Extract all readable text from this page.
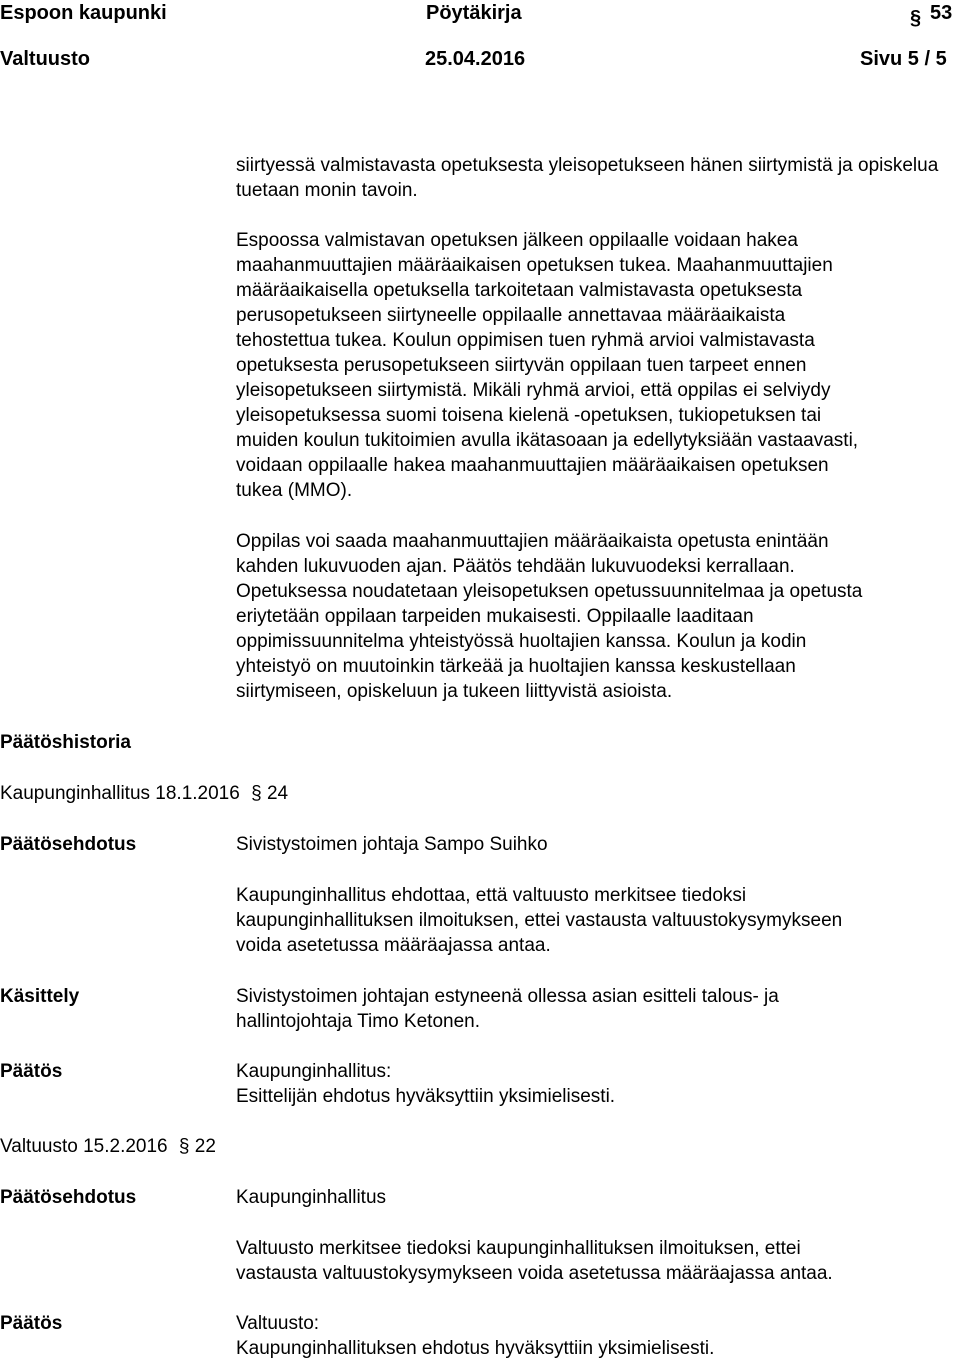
Espoon kaupunki	Pöytäkirja	53
§
Valtuusto	25.04.2016	Sivu 5 / 5

siirtyessä valmistavasta opetuksesta yleisopetukseen hänen siirtymistä ja opiskelua tuetaan monin tavoin.

Espoossa valmistavan opetuksen jälkeen oppilaalle voidaan hakea
maahanmuuttajien määräaikaisen opetuksen tukea. Maahanmuuttajien
määräaikaisella opetuksella tarkoitetaan valmistavasta opetuksesta
perusopetukseen siirtyneelle oppilaalle annettavaa määräaikaista
tehostettua tukea. Koulun oppimisen tuen ryhmä arvioi valmistavasta
opetuksesta perusopetukseen siirtyvän oppilaan tuen tarpeet ennen
yleisopetukseen siirtymistä. Mikäli ryhmä arvioi, että oppilas ei selviydy
yleisopetuksessa suomi toisena kielenä -opetuksen, tukiopetuksen tai
muiden koulun tukitoimien avulla ikätasoaan ja edellytyksiään vastaavasti,
voidaan oppilaalle hakea maahanmuuttajien määräaikaisen opetuksen
tukea (MMO).
Oppilas voi saada maahanmuuttajien määräaikaista opetusta enintään
kahden lukuvuoden ajan. Päätös tehdään lukuvuodeksi kerrallaan.
Opetuksessa noudatetaan yleisopetuksen opetussuunnitelmaa ja opetusta
eriytetään oppilaan tarpeiden mukaisesti. Oppilaalle laaditaan
oppimissuunnitelma yhteistyössä huoltajien kanssa. Koulun ja kodin
yhteistyö on muutoinkin tärkeää ja huoltajien kanssa keskustellaan
siirtymiseen, opiskeluun ja tukeen liittyvistä asioista.
Päätöshistoria
Kaupunginhallitus 18.1.2016 § 24
Päätösehdotus	Sivistystoimen johtaja Sampo Suihko
Kaupunginhallitus ehdottaa, että valtuusto merkitsee tiedoksi
kaupunginhallituksen ilmoituksen, ettei vastausta valtuustokysymykseen
voida asetetussa määräajassa antaa.
Käsittely	Sivistystoimen johtajan estyneenä ollessa asian esitteli talous- ja
hallintojohtaja Timo Ketonen.
Päätös	Kaupunginhallitus:
Esittelijän ehdotus hyväksyttiin yksimielisesti.
Valtuusto 15.2.2016 § 22
Päätösehdotus	Kaupunginhallitus
Valtuusto merkitsee tiedoksi kaupunginhallituksen ilmoituksen, ettei
vastausta valtuustokysymykseen voida asetetussa määräajassa antaa.
Päätös	Valtuusto:
Kaupunginhallituksen ehdotus hyväksyttiin yksimielisesti.
